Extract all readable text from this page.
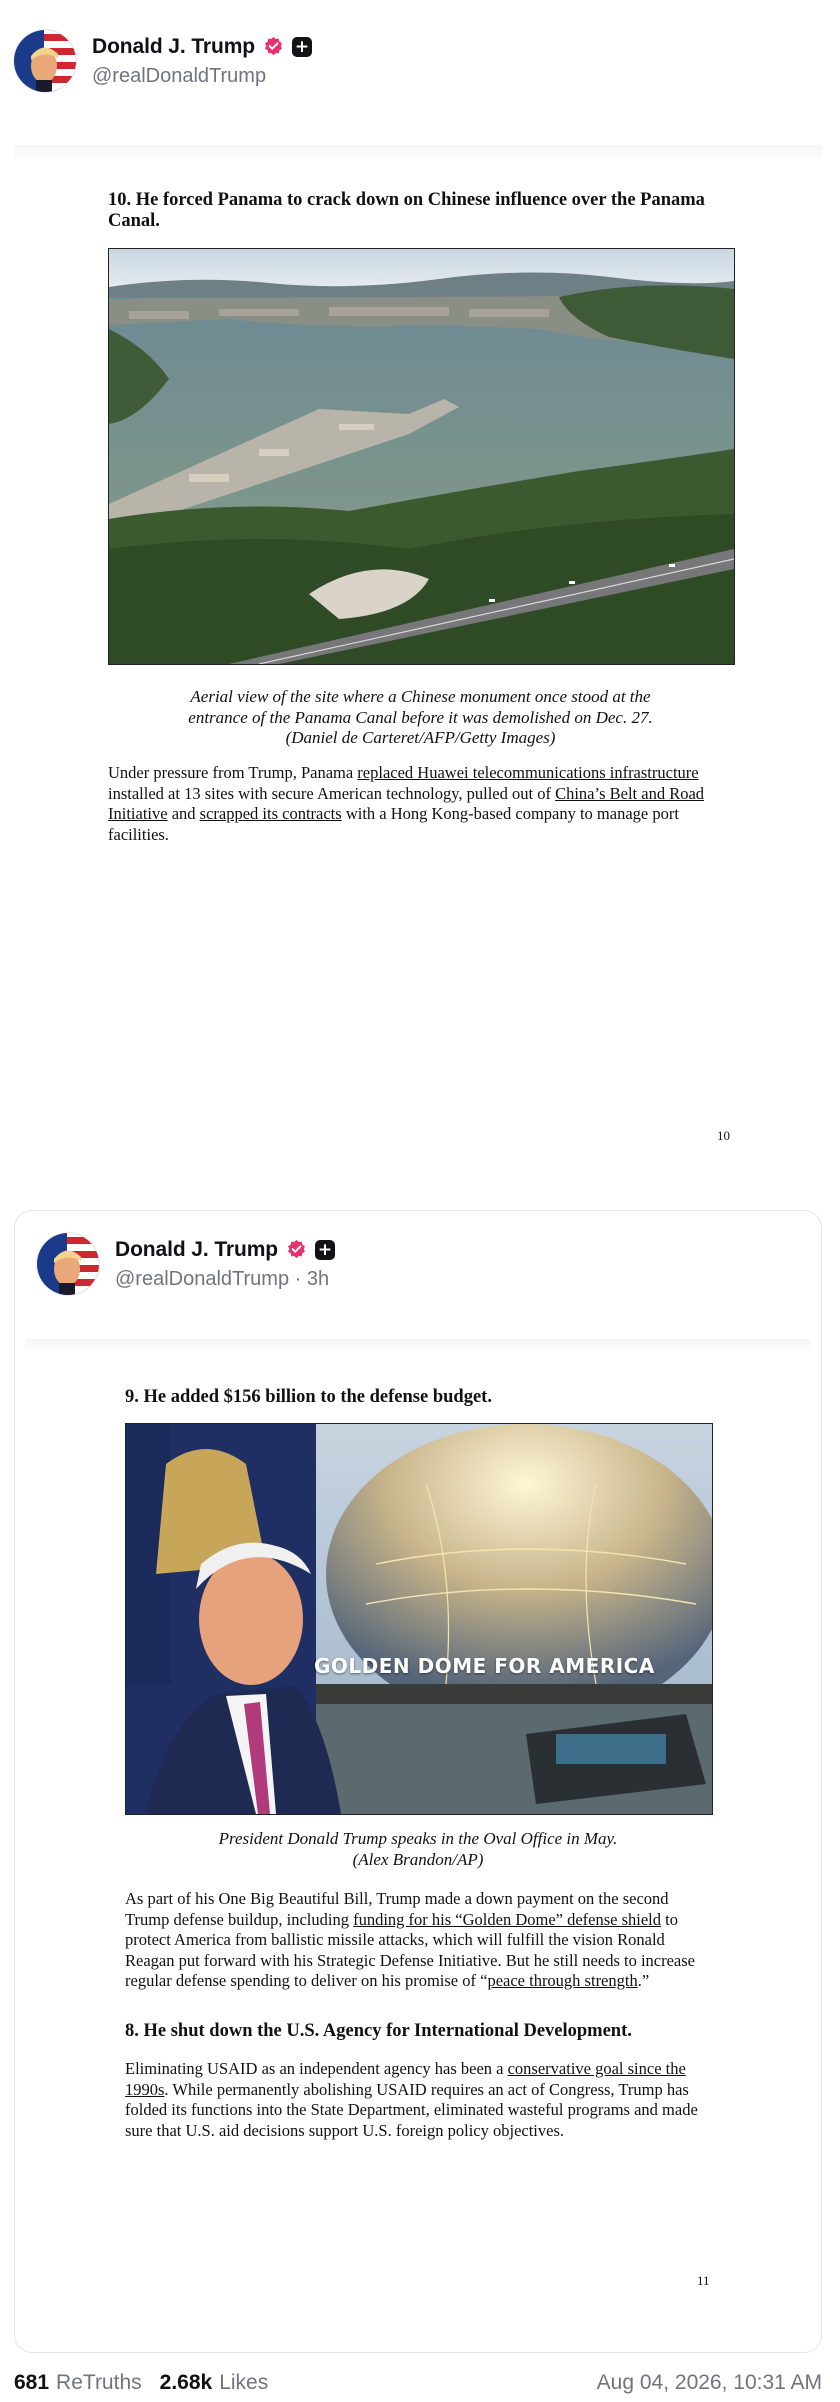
Donald J. Trump +
@realDonaldTrump
10. He forced Panama to crack down on Chinese influence over the Panama Canal.
Aerial view of the site where a Chinese monument once stood at the
entrance of the Panama Canal before it was demolished on Dec. 27.
(Daniel de Carteret/AFP/Getty Images)
Under pressure from Trump, Panama replaced Huawei telecommunications infrastructure installed at 13 sites with secure American technology, pulled out of China’s Belt and Road Initiative and scrapped its contracts with a Hong Kong-based company to manage port facilities.
10
Donald J. Trump +
@realDonaldTrump · 3h
9. He added $156 billion to the defense budget.
GOLDEN DOME FOR AMERICA
President Donald Trump speaks in the Oval Office in May.
(Alex Brandon/AP)
As part of his One Big Beautiful Bill, Trump made a down payment on the second Trump defense buildup, including funding for his “Golden Dome” defense shield to protect America from ballistic missile attacks, which will fulfill the vision Ronald Reagan put forward with his Strategic Defense Initiative. But he still needs to increase regular defense spending to deliver on his promise of “peace through strength.”
8. He shut down the U.S. Agency for International Development.
Eliminating USAID as an independent agency has been a conservative goal since the 1990s. While permanently abolishing USAID requires an act of Congress, Trump has folded its functions into the State Department, eliminated wasteful programs and made sure that U.S. aid decisions support U.S. foreign policy objectives.
11
681 ReTruths 2.68k Likes	Aug 04, 2026, 10:31 AM
